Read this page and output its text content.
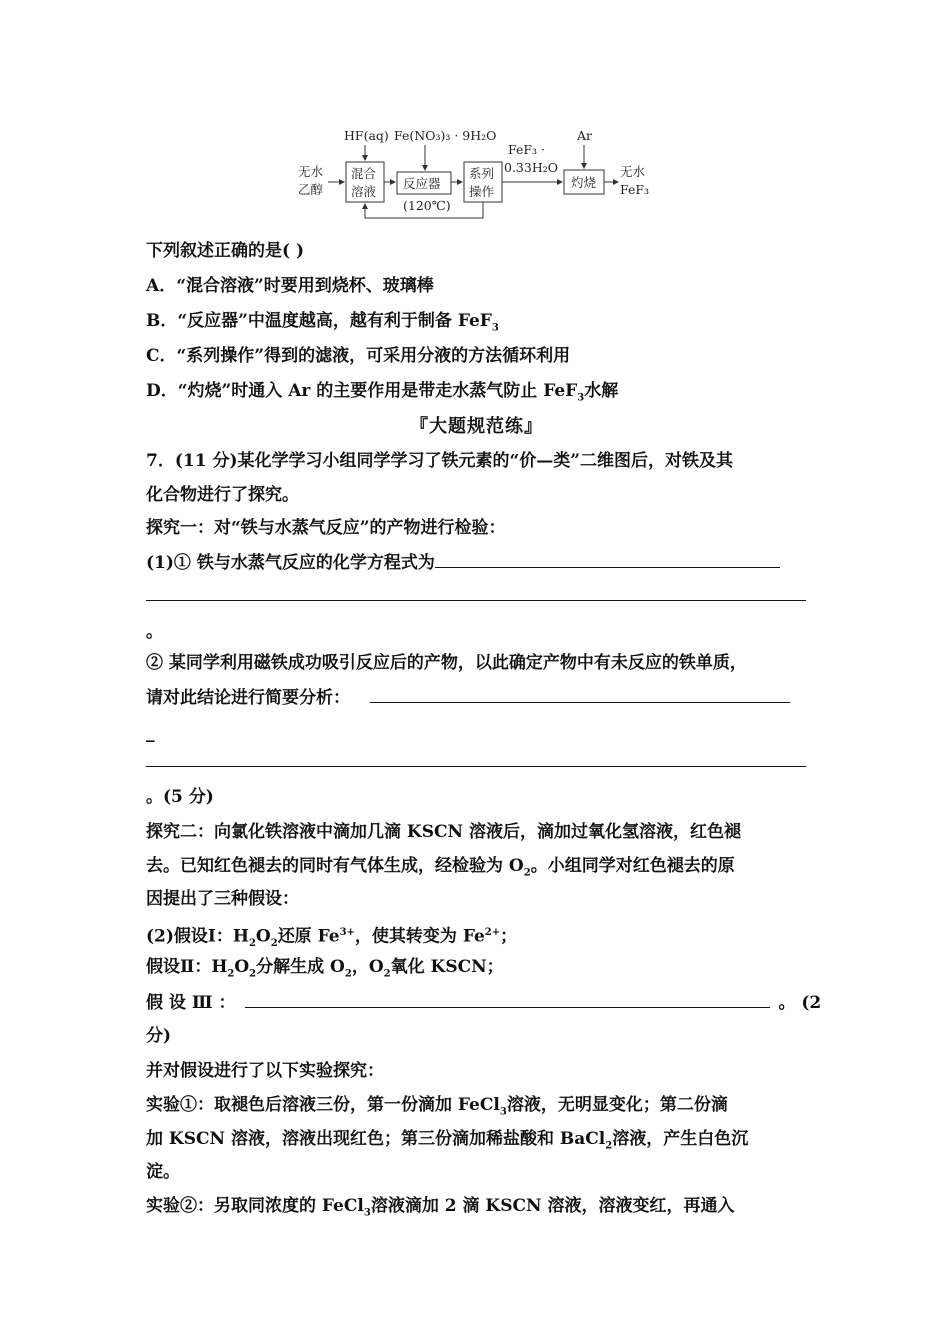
HF(aq) Fe(NO₃)₃ · 9H₂O	Ar
无水
乙醇
混合
溶液
反应器
(120℃)
系列
操作
FeF₃ ·
0.33H₂O
灼烧
无水
FeF₃
下列叙述正确的是( )
A．“混合溶液”时要用到烧杯、玻璃棒
B．“反应器”中温度越高，越有利于制备 FeF$_3$
C．“系列操作”得到的滤液，可采用分液的方法循环利用
D．“灼烧”时通入 Ar 的主要作用是带走水蒸气防止 FeF$_3$水解
『大题规范练』
7．(11 分)某化学学习小组同学学习了铁元素的“价—类”二维图后，对铁及其
化合物进行了探究。
探究一：对“铁与水蒸气反应”的产物进行检验：
(1)① 铁与水蒸气反应的化学方程式为
。
② 某同学利用磁铁成功吸引反应后的产物，以此确定产物中有未反应的铁单质，
请对此结论进行简要分析：
_
。(5 分)
探究二：向氯化铁溶液中滴加几滴 KSCN 溶液后，滴加过氧化氢溶液，红色褪
去。已知红色褪去的同时有气体生成，经检验为 $O_2$。小组同学对红色褪去的原
因提出了三种假设：
(2)假设Ⅰ：$H_2O_2$还原 $Fe^{3+}$，使其转变为 $Fe^{2+}$；
假设Ⅱ：$H_2O_2$分解生成 $O_2$，$O_2$氧化 KSCN；
假 设 Ⅲ ：	。 (2
分)
并对假设进行了以下实验探究：
实验①：取褪色后溶液三份，第一份滴加 FeCl$_3$溶液，无明显变化；第二份滴
加 KSCN 溶液，溶液出现红色；第三份滴加稀盐酸和 BaCl$_2$溶液，产生白色沉
淀。
实验②：另取同浓度的 FeCl$_3$溶液滴加 2 滴 KSCN 溶液，溶液变红，再通入
